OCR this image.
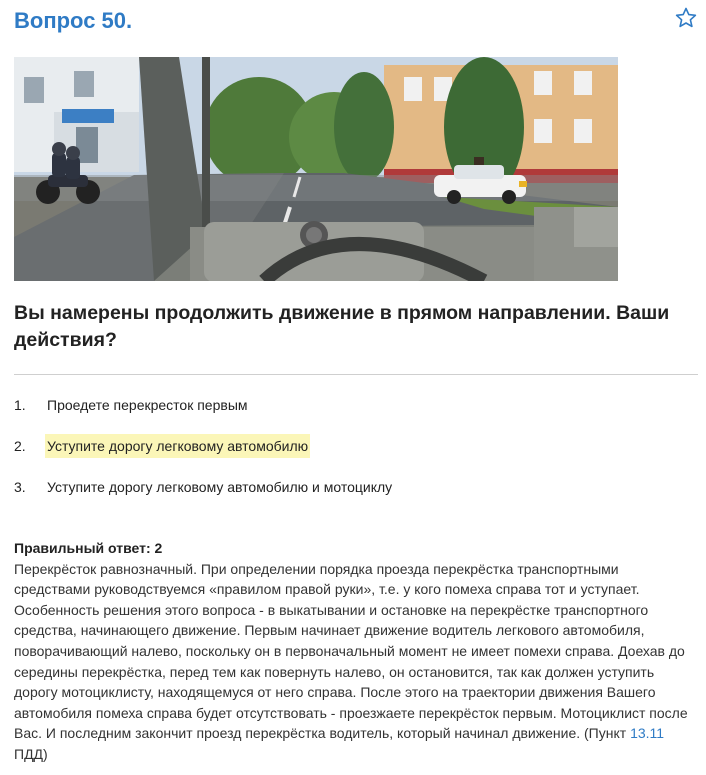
Вопрос 50.
Вы намерены продолжить движение в прямом направлении. Ваши действия?
1. Проедете перекресток первым
2. Уступите дорогу легковому автомобилю
3. Уступите дорогу легковому автомобилю и мотоциклу
Правильный ответ: 2
Перекрёсток равнозначный. При определении порядка проезда перекрёстка транспортными средствами руководствуемся «правилом правой руки», т.е. у кого помеха справа тот и уступает. Особенность решения этого вопроса - в выкатывании и остановке на перекрёстке транспортного средства, начинающего движение. Первым начинает движение водитель легкового автомобиля, поворачивающий налево, поскольку он в первоначальный момент не имеет помехи справа. Доехав до середины перекрёстка, перед тем как повернуть налево, он остановится, так как должен уступить дорогу мотоциклисту, находящемуся от него справа. После этого на траектории движения Вашего автомобиля помеха справа будет отсутствовать - проезжаете перекрёсток первым. Мотоциклист после Вас. И последним закончит проезд перекрёстка водитель, который начинал движение. (Пункт 13.11 ПДД)
